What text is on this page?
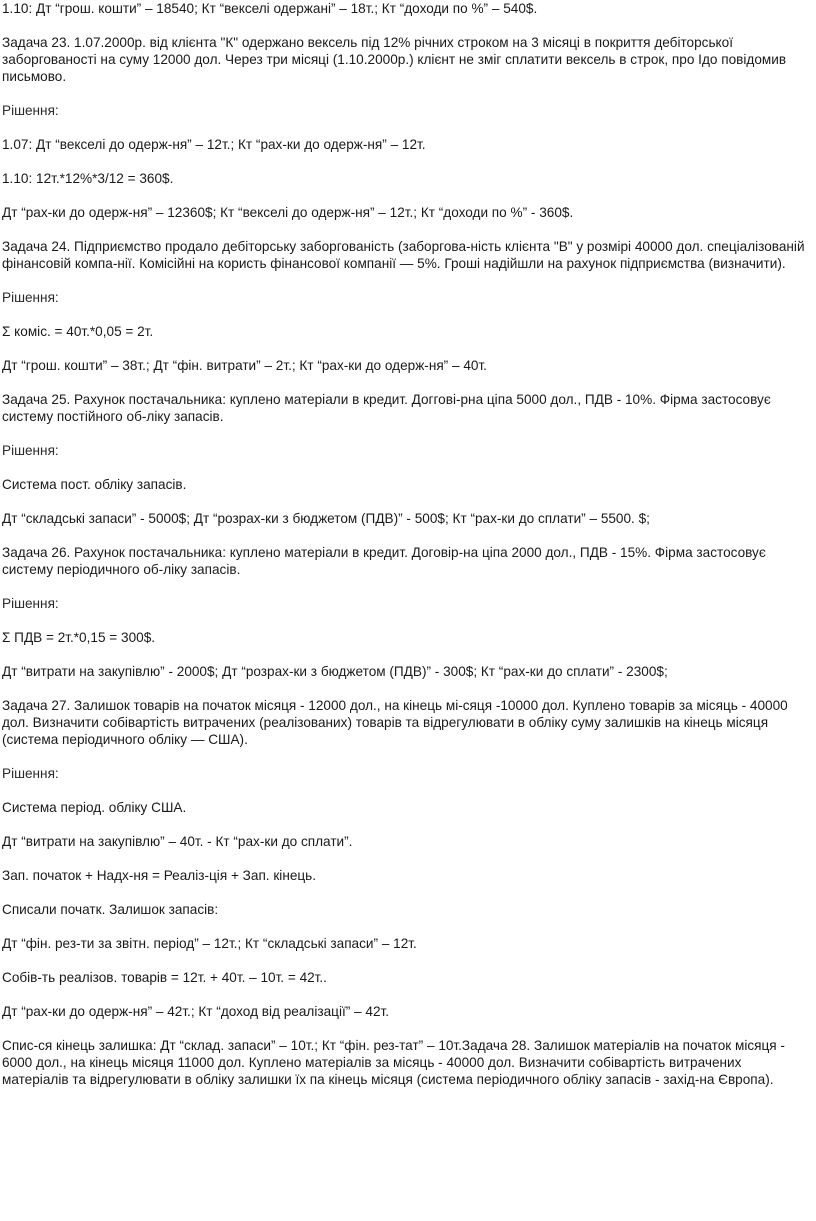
1.10: Дт “грош. кошти” – 18540; Кт “векселі одержані” – 18т.; Кт “доходи по %” – 540$.

Задача 23. 1.07.2000р. від клієнта "К" одержано вексель під 12% річних строком на 3 місяці в покриття дебіторської заборгованості на суму 12000 дол. Через три місяці (1.10.2000р.) клієнт не зміг сплатити вексель в строк, про Ідо повідомив письмово.

Рішення:

1.07: Дт “векселі до одерж-ня” – 12т.; Кт “рах-ки до одерж-ня” – 12т.

1.10: 12т.*12%*3/12 = 360$.

Дт “рах-ки до одерж-ня” – 12360$; Кт “векселі до одерж-ня” – 12т.; Кт “доходи по %” - 360$.

Задача 24. Підприємство продало дебіторську заборгованість (заборгова-ність клієнта "В" у розмірі 40000 дол. спеціалізованій фінансовій компа-нії. Комісійні на користь фінансової компанії — 5%. Гроші надійшли на рахунок підприємства (визначити).

Рішення:

Σ коміс. = 40т.*0,05 = 2т.

Дт “грош. кошти” – 38т.; Дт “фін. витрати” – 2т.; Кт “рах-ки до одерж-ня” – 40т.

Задача 25. Рахунок постачальника: куплено матеріали в кредит. Доггові-рна ціпа 5000 дол., ПДВ - 10%. Фірма застосовує систему постійного об-ліку запасів.

Рішення:

Система пост. обліку запасів.

Дт “складські запаси” - 5000$; Дт “розрах-ки з бюджетом (ПДВ)” - 500$; Кт “рах-ки до сплати” – 5500. $;

Задача 26. Рахунок постачальника: куплено матеріали в кредит. Договір-на ціпа 2000 дол., ПДВ - 15%. Фірма застосовує систему періодичного об-ліку запасів.

Рішення:

Σ ПДВ = 2т.*0,15 = 300$.

Дт “витрати на закупівлю” - 2000$; Дт “розрах-ки з бюджетом (ПДВ)” - 300$; Кт “рах-ки до сплати” - 2300$;

Задача 27. Залишок товарів на початок місяця - 12000 дол., на кінець мі-сяця -10000 дол. Куплено товарів за місяць - 40000 дол. Визначити собівартість витрачених (реалізованих) товарів та відрегулювати в обліку суму залишків на кінець місяця (система періодичного обліку — США).

Рішення:

Система період. обліку США.

Дт “витрати на закупівлю” – 40т. - Кт “рах-ки до сплати”.

Зап. початок + Надх-ня = Реаліз-ція + Зап. кінець.

Списали початк. Залишок запасів:

Дт “фін. рез-ти за звітн. період” – 12т.; Кт “складські запаси” – 12т.

Собів-ть реалізов. товарів = 12т. + 40т. – 10т. = 42т..

Дт “рах-ки до одерж-ня” – 42т.; Кт “доход від реалізації” – 42т.

Спис-ся кінець залишка: Дт “склад. запаси” – 10т.; Кт “фін. рез-тат” – 10т.Задача 28. Залишок матеріалів на початок місяця - 6000 дол., на кінець місяця 11000 дол. Куплено матеріалів за місяць - 40000 дол. Визначити собівартість витрачених матеріалів та відрегулювати в обліку залишки їх па кінець місяця (система періодичного обліку запасів - захід-на Європа).
